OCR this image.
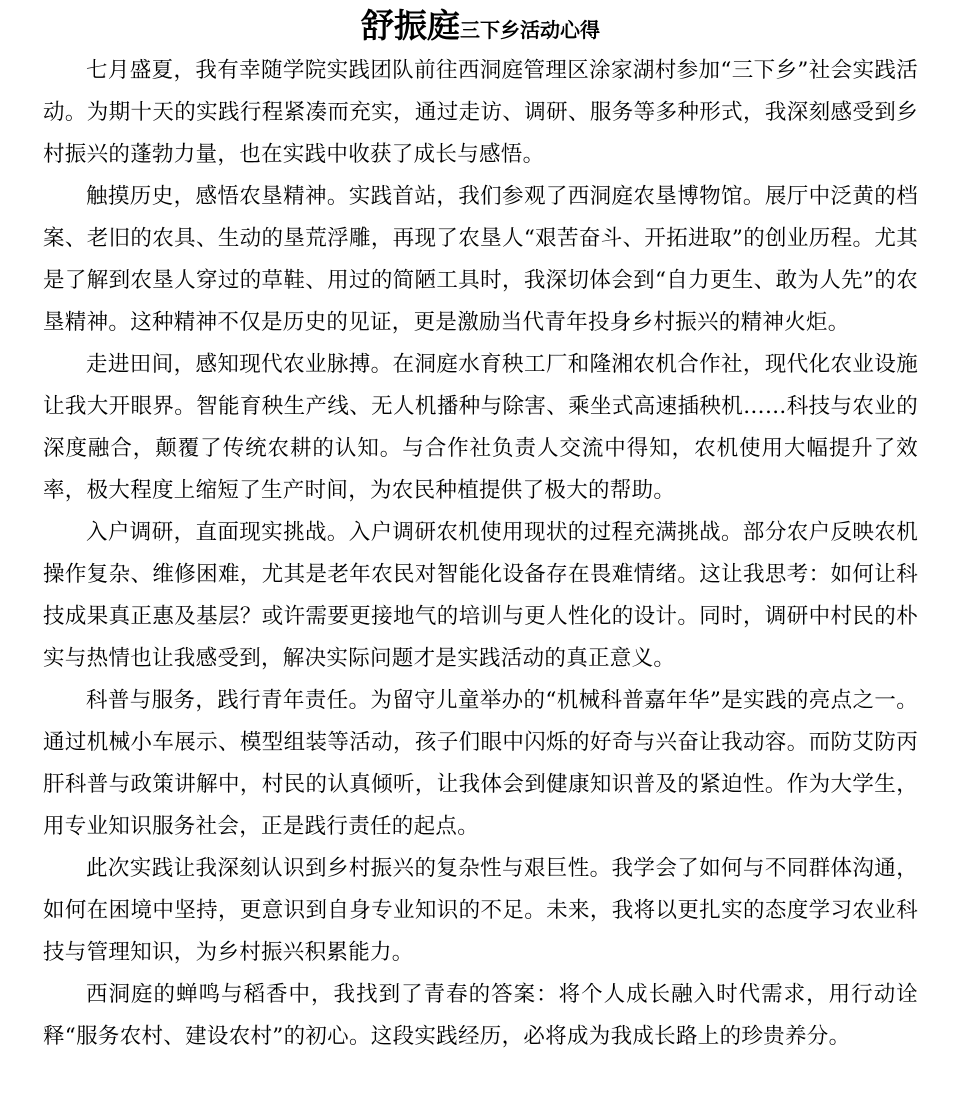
舒振庭三下乡活动心得

七月盛夏，我有幸随学院实践团队前往西洞庭管理区涂家湖村参加“三下乡”社会实践活动。为期十天的实践行程紧凑而充实，通过走访、调研、服务等多种形式，我深刻感受到乡村振兴的蓬勃力量，也在实践中收获了成长与感悟。

触摸历史，感悟农垦精神。实践首站，我们参观了西洞庭农垦博物馆。展厅中泛黄的档案、老旧的农具、生动的垦荒浮雕，再现了农垦人“艰苦奋斗、开拓进取”的创业历程。尤其是了解到农垦人穿过的草鞋、用过的简陋工具时，我深切体会到“自力更生、敢为人先”的农垦精神。这种精神不仅是历史的见证，更是激励当代青年投身乡村振兴的精神火炬。

走进田间，感知现代农业脉搏。在洞庭水育秧工厂和隆湘农机合作社，现代化农业设施让我大开眼界。智能育秧生产线、无人机播种与除害、乘坐式高速插秧机……科技与农业的深度融合，颠覆了传统农耕的认知。与合作社负责人交流中得知，农机使用大幅提升了效率，极大程度上缩短了生产时间，为农民种植提供了极大的帮助。

入户调研，直面现实挑战。入户调研农机使用现状的过程充满挑战。部分农户反映农机操作复杂、维修困难，尤其是老年农民对智能化设备存在畏难情绪。这让我思考：如何让科技成果真正惠及基层？或许需要更接地气的培训与更人性化的设计。同时，调研中村民的朴实与热情也让我感受到，解决实际问题才是实践活动的真正意义。

科普与服务，践行青年责任。为留守儿童举办的“机械科普嘉年华”是实践的亮点之一。通过机械小车展示、模型组装等活动，孩子们眼中闪烁的好奇与兴奋让我动容。而防艾防丙肝科普与政策讲解中，村民的认真倾听，让我体会到健康知识普及的紧迫性。作为大学生，用专业知识服务社会，正是践行责任的起点。

此次实践让我深刻认识到乡村振兴的复杂性与艰巨性。我学会了如何与不同群体沟通，如何在困境中坚持，更意识到自身专业知识的不足。未来，我将以更扎实的态度学习农业科技与管理知识，为乡村振兴积累能力。

西洞庭的蝉鸣与稻香中，我找到了青春的答案：将个人成长融入时代需求，用行动诠释“服务农村、建设农村”的初心。这段实践经历，必将成为我成长路上的珍贵养分。
